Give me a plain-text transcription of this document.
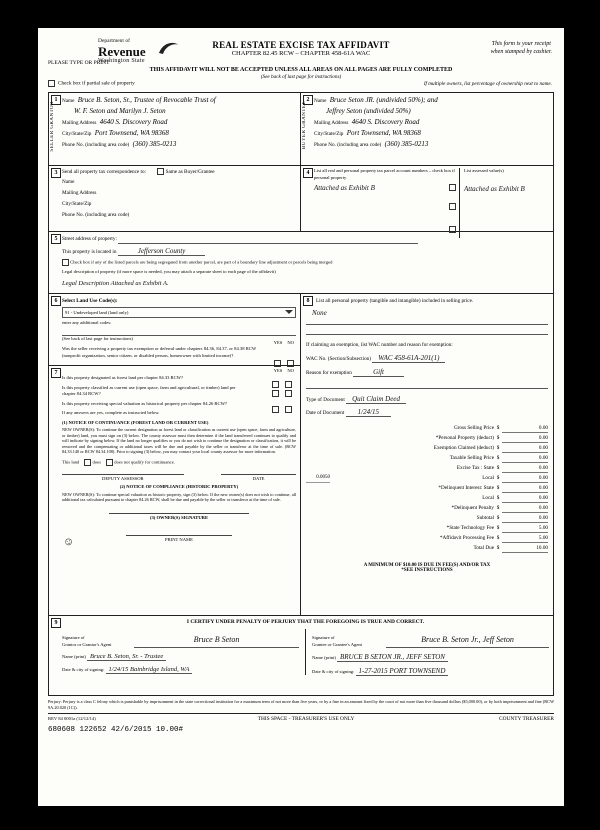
Department of
Revenue
Washington State
REAL ESTATE EXCISE TAX AFFIDAVIT
CHAPTER 82.45 RCW – CHAPTER 458-61A WAC
This form is your receipt
when stamped by cashier.
PLEASE TYPE OR PRINT
THIS AFFIDAVIT WILL NOT BE ACCEPTED UNLESS ALL AREAS ON ALL PAGES ARE FULLY COMPLETED
(See back of last page for instructions)
Check box if partial sale of property	If multiple owners, list percentage of ownership next to name.
1
SELLER GRANTOR	Name Bruce B. Seton, Sr., Trustee of Revocable Trust of
W. F. Seton and Marilyn J. Seton
Mailing Address 4640 S. Discovery Road
City/State/Zip Port Townsend, WA 98368
Phone No. (including area code) (360) 385-0213
2
BUYER GRANTEE	Name Bruce Seton JR. (undivided 50%); and
Jeffrey Seton (undivided 50%)
Mailing Address 4640 S. Discovery Road
City/State/Zip Port Townsend, WA 98368
Phone No. (including area code) (360) 385-0213
3 Send all property tax correspondence to:	Same as Buyer/Grantee
Name
Mailing Address
City/State/Zip
Phone No. (including area code)
4 List all real and personal property tax parcel account numbers – check box if personal property
Attached as Exhibit B
List assessed value(s)
Attached as Exhibit B
5 Street address of property:
This property is located in	Jefferson County
Check box if any of the listed parcels are being segregated from another parcel, are part of a boundary line adjustment or parcels being merged
Legal description of property (if more space is needed, you may attach a separate sheet to each page of the affidavit)
Legal Description Attached as Exhibit A.
6 Select Land Use Code(s):
91 - Undeveloped land (land only)
enter any additional codes:
(See back of last page for instructions)
YES NO
Was the seller receiving a property tax exemption or deferral under chapters 84.36, 84.37, or 84.38 RCW (nonprofit organization, senior citizen, or disabled person, homeowner with limited income)?
7	YES NO
Is this property designated as forest land per chapter 84.33 RCW?
Is this property classified as current use (open space, farm and agricultural, or timber) land per chapter 84.34 RCW?
Is this property receiving special valuation as historical property per chapter 84.26 RCW?
If any answers are yes, complete as instructed below.
(1) NOTICE OF CONTINUANCE (FOREST LAND OR CURRENT USE)
NEW OWNER(S): To continue the current designation as forest land or classification as current use (open space, farm and agriculture, or timber) land, you must sign on (3) below. The county assessor must then determine if the land transferred continues to qualify and will indicate by signing below. If the land no longer qualifies or you do not wish to continue the designation or classification, it will be removed and the compensating or additional taxes will be due and payable by the seller or transferor at the time of sale. (RCW 84.33.140 or RCW 84.34.108). Prior to signing (3) below, you may contact your local county assessor for more information.
This land	does	does not qualify for continuance.
☺
DEPUTY ASSESSOR	DATE
(2) NOTICE OF COMPLIANCE (HISTORIC PROPERTY)
NEW OWNER(S): To continue special valuation as historic property, sign (3) below. If the new owner(s) does not wish to continue, all additional tax calculated pursuant to chapter 84.26 RCW, shall be due and payable by the seller or transferor at the time of sale.
(3) OWNER(S) SIGNATURE
PRINT NAME
8	List all personal property (tangible and intangible) included in selling price.
None
If claiming an exemption, list WAC number and reason for exemption:
WAC No. (Section/Subsection) WAC 458-61A-201(1)
Reason for exemption	Gift
Type of Document Quit Claim Deed
Date of Document 1/24/15
	Gross Selling Price	$	0.00
	*Personal Property (deduct)	$	0.00
	Exemption Claimed (deduct)	$	0.00
	Taxable Selling Price	$	0.00
	Excise Tax : State	$	0.00
0.0050	Local	$	0.00
	*Delinquent Interest: State	$	0.00
	Local	$	0.00
	*Delinquent Penalty	$	0.00
	Subtotal	$	0.00
	*State Technology Fee	$	5.00
	*Affidavit Processing Fee	$	5.00
	Total Due	$	10.00
A MINIMUM OF $10.00 IS DUE IN FEE(S) AND/OR TAX
*SEE INSTRUCTIONS
9	I CERTIFY UNDER PENALTY OF PERJURY THAT THE FOREGOING IS TRUE AND CORRECT.
Signature of
Grantor or Grantor's Agent	Bruce B Seton
Name (print) Bruce B. Seton, Sr. - Trustee
Date & city of signing: 1/24/15 Bainbridge Island, WA
Signature of
Grantee or Grantee's Agent	Bruce B. Seton Jr., Jeff Seton
Name (print) BRUCE B SETON JR., JEFF SETON
Date & city of signing: 1-27-2015 PORT TOWNSEND
Perjury: Perjury is a class C felony which is punishable by imprisonment in the state correctional institution for a maximum term of not more than five years, or by a fine in an amount fixed by the court of not more than five thousand dollars ($5,000.00), or by both imprisonment and fine (RCW 9A.20.020 (1C)).
REV 84 0001a (12/12/14)	THIS SPACE - TREASURER'S USE ONLY	COUNTY TREASURER
680608 122652 42/6/2015 10.00#
